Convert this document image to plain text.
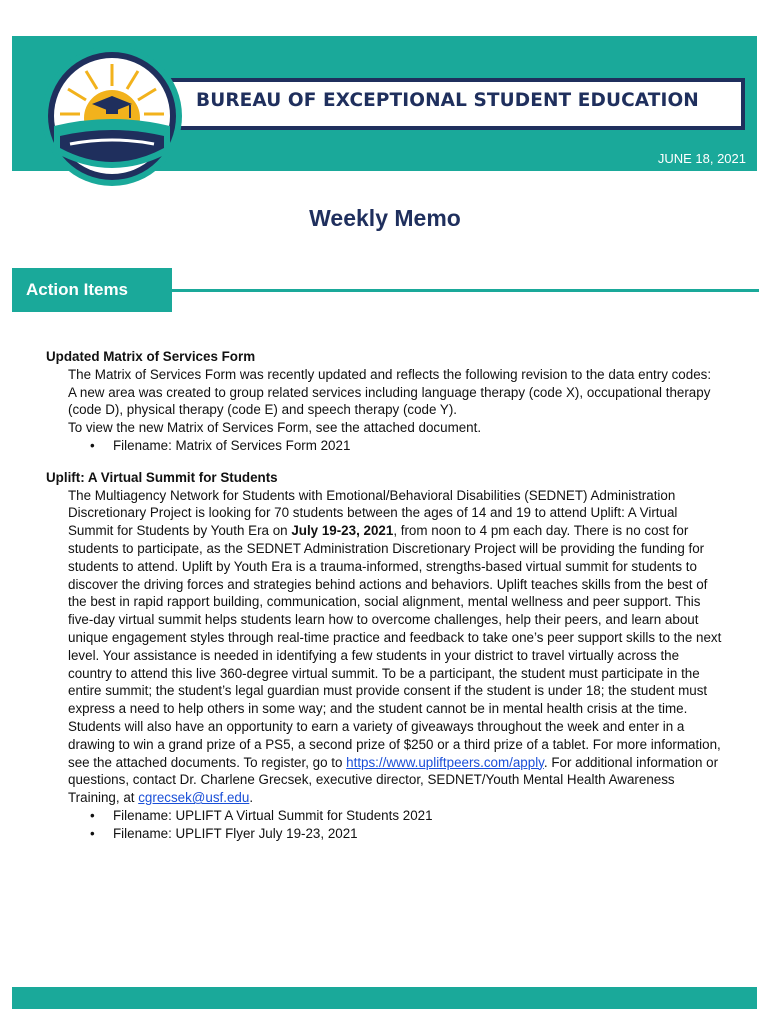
BUREAU OF EXCEPTIONAL STUDENT EDUCATION
JUNE 18, 2021
Weekly Memo
Action Items
Updated Matrix of Services Form

The Matrix of Services Form was recently updated and reflects the following revision to the data entry codes:

A new area was created to group related services including language therapy (code X), occupational therapy (code D), physical therapy (code E) and speech therapy (code Y).

To view the new Matrix of Services Form, see the attached document.

• Filename: Matrix of Services Form 2021
Uplift: A Virtual Summit for Students

The Multiagency Network for Students with Emotional/Behavioral Disabilities (SEDNET) Administration Discretionary Project is looking for 70 students between the ages of 14 and 19 to attend Uplift: A Virtual Summit for Students by Youth Era on July 19-23, 2021, from noon to 4 pm each day. There is no cost for students to participate, as the SEDNET Administration Discretionary Project will be providing the funding for students to attend. Uplift by Youth Era is a trauma-informed, strengths-based virtual summit for students to discover the driving forces and strategies behind actions and behaviors. Uplift teaches skills from the best of the best in rapid rapport building, communication, social alignment, mental wellness and peer support. This five-day virtual summit helps students learn how to overcome challenges, help their peers, and learn about unique engagement styles through real-time practice and feedback to take one’s peer support skills to the next level. Your assistance is needed in identifying a few students in your district to travel virtually across the country to attend this live 360-degree virtual summit. To be a participant, the student must participate in the entire summit; the student’s legal guardian must provide consent if the student is under 18; the student must express a need to help others in some way; and the student cannot be in mental health crisis at the time. Students will also have an opportunity to earn a variety of giveaways throughout the week and enter in a drawing to win a grand prize of a PS5, a second prize of $250 or a third prize of a tablet. For more information, see the attached documents. To register, go to https://www.upliftpeers.com/apply. For additional information or questions, contact Dr. Charlene Grecsek, executive director, SEDNET/Youth Mental Health Awareness Training, at cgrecsek@usf.edu.

• Filename: UPLIFT A Virtual Summit for Students 2021
• Filename: UPLIFT Flyer July 19-23, 2021
